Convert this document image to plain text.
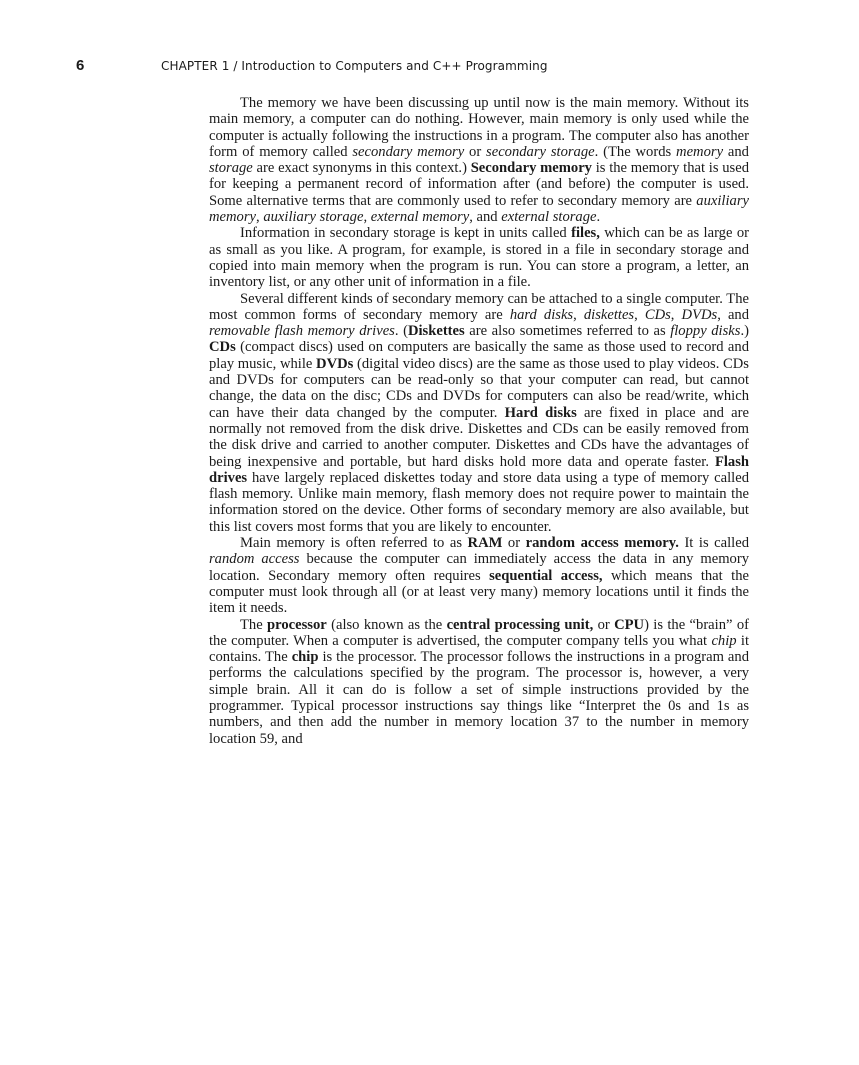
6	CHAPTER 1 / Introduction to Computers and C++ Programming

The memory we have been discussing up until now is the main memory. Without its main memory, a computer can do nothing. However, main memory is only used while the computer is actually following the instructions in a program. The computer also has another form of memory called secondary memory or secondary storage. (The words memory and storage are exact synonyms in this context.) Secondary memory is the memory that is used for keeping a permanent record of information after (and before) the computer is used. Some alternative terms that are commonly used to refer to secondary memory are auxiliary memory, auxiliary storage, external memory, and external storage.

Information in secondary storage is kept in units called files, which can be as large or as small as you like. A program, for example, is stored in a file in secondary storage and copied into main memory when the program is run. You can store a program, a letter, an inventory list, or any other unit of information in a file.

Several different kinds of secondary memory can be attached to a single computer. The most common forms of secondary memory are hard disks, diskettes, CDs, DVDs, and removable flash memory drives. (Diskettes are also sometimes referred to as floppy disks.) CDs (compact discs) used on computers are basically the same as those used to record and play music, while DVDs (digital video discs) are the same as those used to play videos. CDs and DVDs for computers can be read-only so that your computer can read, but cannot change, the data on the disc; CDs and DVDs for computers can also be read/write, which can have their data changed by the computer. Hard disks are fixed in place and are normally not removed from the disk drive. Diskettes and CDs can be easily removed from the disk drive and carried to another computer. Diskettes and CDs have the advantages of being inexpensive and portable, but hard disks hold more data and operate faster. Flash drives have largely replaced diskettes today and store data using a type of memory called flash memory. Unlike main memory, flash memory does not require power to maintain the information stored on the device. Other forms of secondary memory are also available, but this list covers most forms that you are likely to encounter.

Main memory is often referred to as RAM or random access memory. It is called random access because the computer can immediately access the data in any memory location. Secondary memory often requires sequential access, which means that the computer must look through all (or at least very many) memory locations until it finds the item it needs.

The processor (also known as the central processing unit, or CPU) is the “brain” of the computer. When a computer is advertised, the computer company tells you what chip it contains. The chip is the processor. The processor follows the instructions in a program and performs the calculations specified by the program. The processor is, however, a very simple brain. All it can do is follow a set of simple instructions provided by the programmer. Typical processor instructions say things like “Interpret the 0s and 1s as numbers, and then add the number in memory location 37 to the number in memory location 59, and
